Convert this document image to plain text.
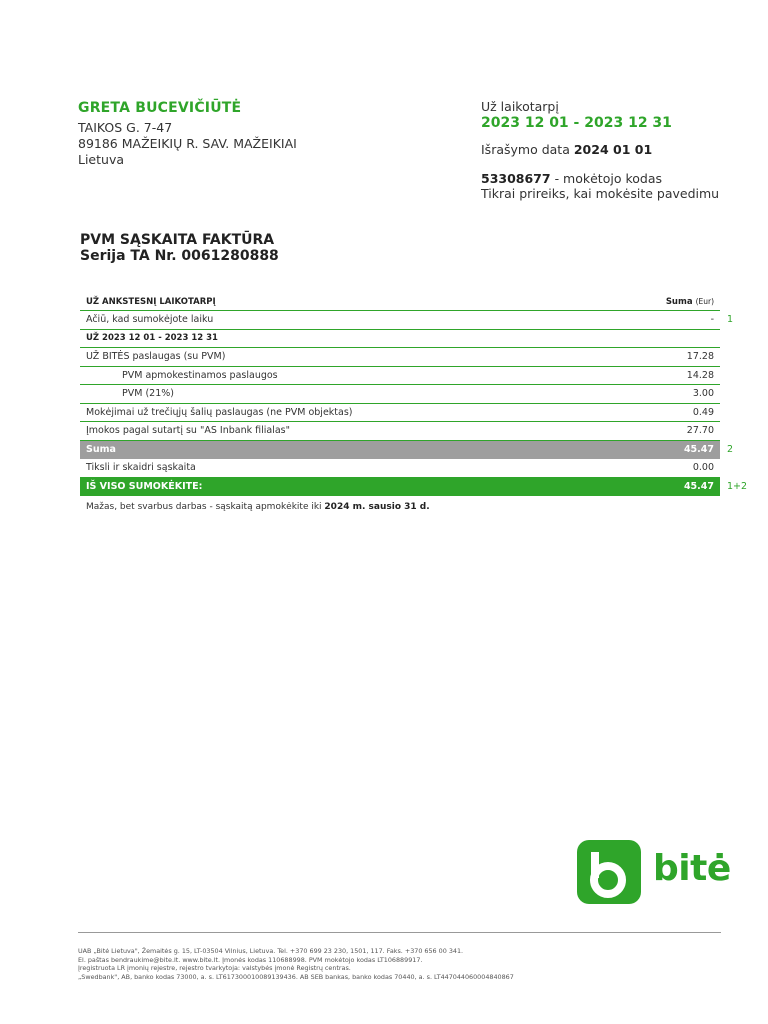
GRETA BUCEVIČIŪTĖ
TAIKOS G. 7-47
89186 MAŽEIKIŲ R. SAV. MAŽEIKIAI
Lietuva
Už laikotarpį
2023 12 01 - 2023 12 31
Išrašymo data 2024 01 01
53308677 - mokėtojo kodas
Tikrai prireiks, kai mokėsite pavedimu
PVM SĄSKAITA FAKTŪRA
Serija TA Nr. 0061280888
UŽ ANKSTESNĮ LAIKOTARPĮ	Suma (Eur)
Ačiū, kad sumokėjote laiku	- 1
UŽ 2023 12 01 - 2023 12 31
UŽ BITĖS paslaugas (su PVM)	17.28
PVM apmokestinamos paslaugos	14.28
PVM (21%)	3.00
Mokėjimai už trečiųjų šalių paslaugas (ne PVM objektas)	0.49
Įmokos pagal sutartį su "AS Inbank filialas"	27.70
Suma	45.47 2
Tiksli ir skaidri sąskaita	0.00
IŠ VISO SUMOKĖKITE:	45.47 1+2
Mažas, bet svarbus darbas - sąskaitą apmokėkite iki 2024 m. sausio 31 d.
bitė
UAB „Bitė Lietuva", Žemaitės g. 15, LT-03504 Vilnius, Lietuva. Tel. +370 699 23 230, 1501, 117. Faks. +370 656 00 341.
El. paštas bendraukime@bite.lt. www.bite.lt. Įmonės kodas 110688998. PVM mokėtojo kodas LT106889917.
Įregistruota LR įmonių rejestre, rejestro tvarkytoja: valstybės įmonė Registrų centras.
„Swedbank", AB, banko kodas 73000, a. s. LT617300010089139436. AB SEB bankas, banko kodas 70440, a. s. LT447044060004840867
